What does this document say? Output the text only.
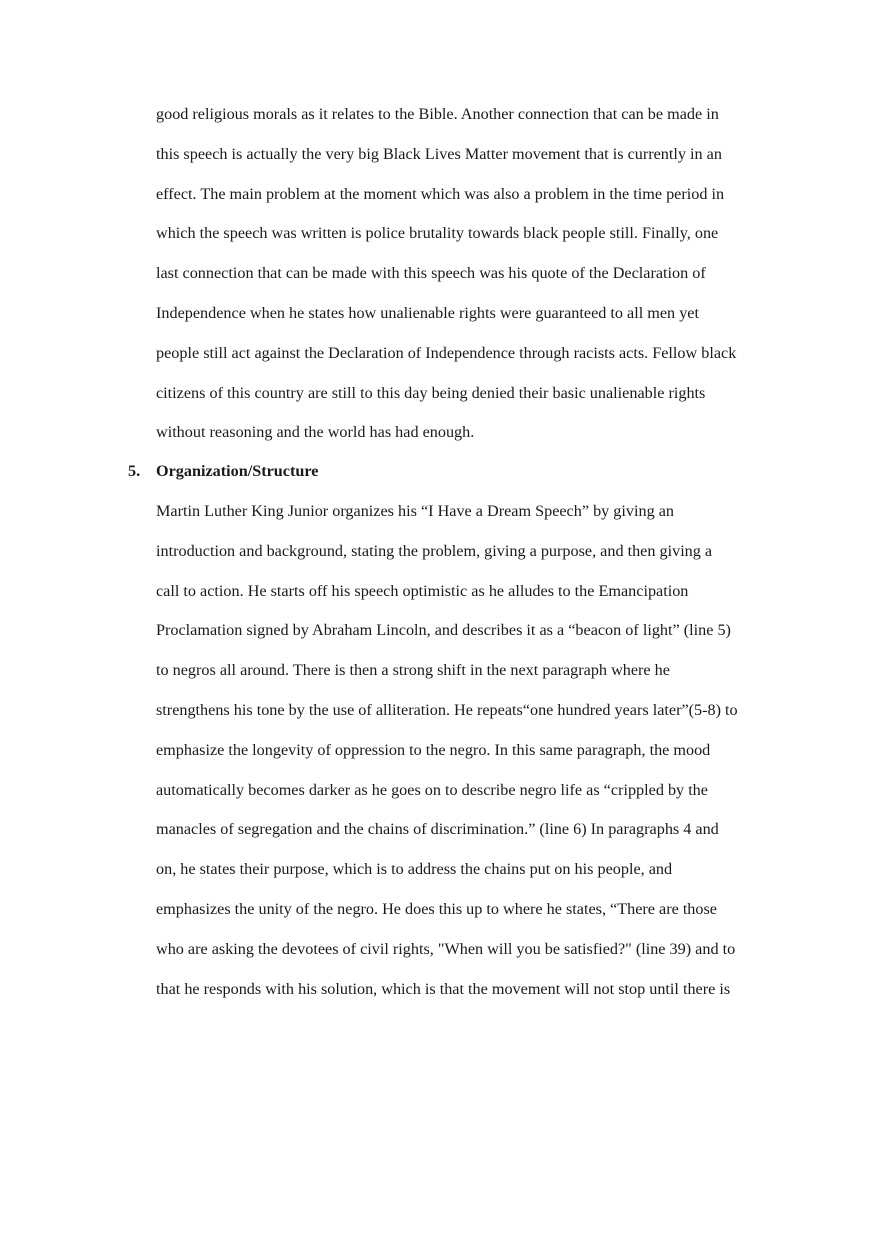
good religious morals as it relates to the Bible. Another connection that can be made in
this speech is actually the very big Black Lives Matter movement that is currently in an
effect. The main problem at the moment which was also a problem in the time period in
which the speech was written is police brutality towards black people still. Finally, one
last connection that can be made with this speech was his quote of the Declaration of
Independence when he states how unalienable rights were guaranteed to all men yet
people still act against the Declaration of Independence through racists acts. Fellow black
citizens of this country are still to this day being denied their basic unalienable rights
without reasoning and the world has had enough.
5. Organization/Structure
Martin Luther King Junior organizes his “I Have a Dream Speech” by giving an
introduction and background, stating the problem, giving a purpose, and then giving a
call to action. He starts off his speech optimistic as he alludes to the Emancipation
Proclamation signed by Abraham Lincoln, and describes it as a “beacon of light” (line 5)
to negros all around. There is then a strong shift in the next paragraph where he
strengthens his tone by the use of alliteration. He repeats“one hundred years later”(5-8) to
emphasize the longevity of oppression to the negro. In this same paragraph, the mood
automatically becomes darker as he goes on to describe negro life as “crippled by the
manacles of segregation and the chains of discrimination.” (line 6) In paragraphs 4 and
on, he states their purpose, which is to address the chains put on his people, and
emphasizes the unity of the negro. He does this up to where he states, “There are those
who are asking the devotees of civil rights, "When will you be satisfied?" (line 39) and to
that he responds with his solution, which is that the movement will not stop until there is
